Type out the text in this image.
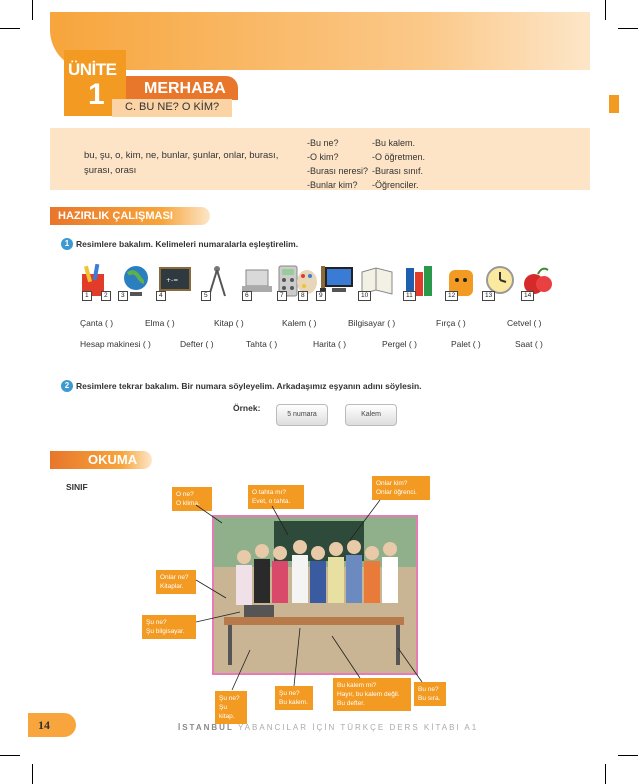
ÜNİTE
1 MERHABA
C. BU NE? O KİM?
bu, şu, o, kim, ne, bunlar, şunlar, onlar, burası, şurası, orası
-Bu ne?
-O kim?
-Burası neresi?
-Bunlar kim?
-Bu kalem.
-O öğretmen.
-Burası sınıf.
-Öğrenciler.
HAZIRLIK ÇALIŞMASI
1 Resimlere bakalım. Kelimeleri numaralarla eşleştirelim.
+-=
1	2	3	4	5	6	7	8	9	10	11	12	13	14
Çanta ( )	Elma ( )	Kitap ( )	Kalem ( )	Bilgisayar ( )	Fırça ( )	Cetvel ( )
Hesap makinesi ( )	Defter ( )	Tahta ( )	Harita ( )	Pergel ( )	Palet ( )	Saat ( )
2 Resimlere tekrar bakalım. Bir numara söyleyelim. Arkadaşımız eşyanın adını söylesin.
Örnek:
5 numara	Kalem
OKUMA
SINIF
O ne?
O klima.
O tahta mı?
Evet, o tahta.
Onlar kim?
Onlar öğrenci.
Onlar ne?
Kitaplar.
Şu ne?
Şu bilgisayar.
Şu ne?
Şu kitap.
Şu ne?
Bu kalem.
Bu kalem mi?
Hayır, bu kalem değil.
Bu defter.
Bu ne?
Bu sıra.
14	İSTANBUL YABANCILAR İÇİN TÜRKÇE DERS KİTABI A1
